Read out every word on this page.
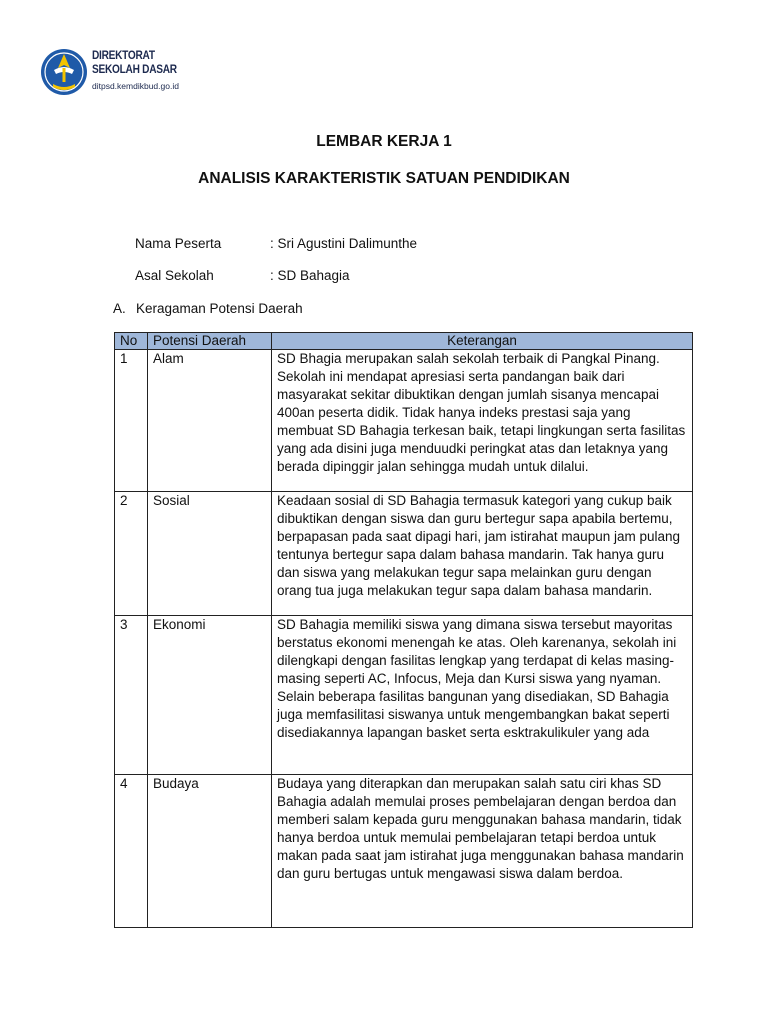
DIREKTORAT
SEKOLAH DASAR
ditpsd.kemdikbud.go.id
LEMBAR KERJA 1
ANALISIS KARAKTERISTIK SATUAN PENDIDIKAN
Nama Peserta	: Sri Agustini Dalimunthe
Asal Sekolah	: SD Bahagia
A. Keragaman Potensi Daerah
No	Potensi Daerah	Keterangan
1	Alam	SD Bhagia merupakan salah sekolah terbaik di Pangkal Pinang. Sekolah ini mendapat apresiasi serta pandangan baik dari masyarakat sekitar dibuktikan dengan jumlah sisanya mencapai 400an peserta didik. Tidak hanya indeks prestasi saja yang membuat SD Bahagia terkesan baik, tetapi lingkungan serta fasilitas yang ada disini juga menduudki peringkat atas dan letaknya yang berada dipinggir jalan sehingga mudah untuk dilalui.
2	Sosial	Keadaan sosial di SD Bahagia termasuk kategori yang cukup baik dibuktikan dengan siswa dan guru bertegur sapa apabila bertemu, berpapasan pada saat dipagi hari, jam istirahat maupun jam pulang tentunya bertegur sapa dalam bahasa mandarin. Tak hanya guru dan siswa yang melakukan tegur sapa melainkan guru dengan orang tua juga melakukan tegur sapa dalam bahasa mandarin.
3	Ekonomi	SD Bahagia memiliki siswa yang dimana siswa tersebut mayoritas berstatus ekonomi menengah ke atas. Oleh karenanya, sekolah ini dilengkapi dengan fasilitas lengkap yang terdapat di kelas masing-masing seperti AC, Infocus, Meja dan Kursi siswa yang nyaman. Selain beberapa fasilitas bangunan yang disediakan, SD Bahagia juga memfasilitasi siswanya untuk mengembangkan bakat seperti disediakannya lapangan basket serta esktrakulikuler yang ada
4	Budaya	Budaya yang diterapkan dan merupakan salah satu ciri khas SD Bahagia adalah memulai proses pembelajaran dengan berdoa dan memberi salam kepada guru menggunakan bahasa mandarin, tidak hanya berdoa untuk memulai pembelajaran tetapi berdoa untuk makan pada saat jam istirahat juga menggunakan bahasa mandarin dan guru bertugas untuk mengawasi siswa dalam berdoa.
